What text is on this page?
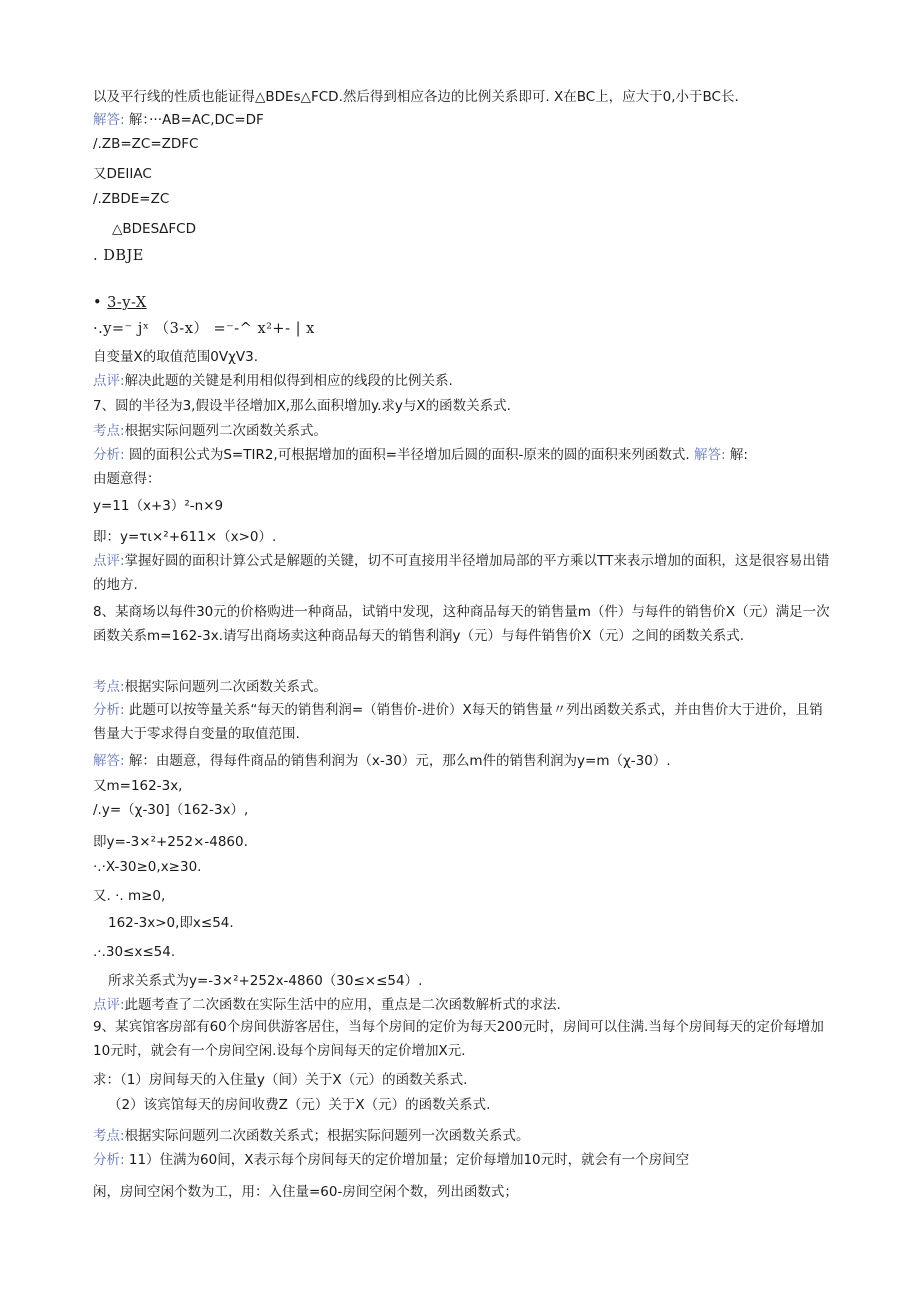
以及平行线的性质也能证得△BDEs△FCD.然后得到相应各边的比例关系即可. X在BC上，应大于0,小于BC长.
解答: 解：···AB=AC,DC=DF
/.ZB=ZC=ZDFC
又DEIIAC
/.ZBDE=ZC
△BDESΔFCD
. DBJE
• 3-y-X
·.y=⁻ jˣ （3-x） =⁻-^ x²+- | x
自变量X的取值范围0VχV3.
点评:解决此题的关键是利用相似得到相应的线段的比例关系.
7、圆的半径为3,假设半径增加X,那么面积增加y.求y与X的函数关系式.
考点:根据实际问题列二次函数关系式。
分析: 圆的面积公式为S=TIR2,可根据增加的面积=半径增加后圆的面积-原来的圆的面积来列函数式. 解答: 解:
由题意得：
y=11（x+3）²-n×9
即：y=τι×²+611×（x>0）.
点评:掌握好圆的面积计算公式是解题的关键，切不可直接用半径增加局部的平方乘以TT来表示增加的面积，这是很容易出错的地方.
8、某商场以每件30元的价格购进一种商品，试销中发现，这种商品每天的销售量m（件）与每件的销售价X（元）满足一次函数关系m=162-3x.请写出商场卖这种商品每天的销售利润y（元）与每件销售价X（元）之间的函数关系式.
考点:根据实际问题列二次函数关系式。
分析: 此题可以按等量关系“每天的销售利润=（销售价-进价）X每天的销售量〃列出函数关系式，并由售价大于进价，且销售量大于零求得自变量的取值范围.
解答: 解：由题意，得每件商品的销售利润为（x-30）元，那么m件的销售利润为y=m（χ-30）.
又m=162-3x,
/.y=（χ-30]（162-3x）,
即y=-3×²+252×-4860.
·.·X-30≥0,x≥30.
又. ·. m≥0,
162-3x>0,即x≤54.
.·.30≤x≤54.
所求关系式为y=-3×²+252x-4860（30≤×≤54）.
点评:此题考查了二次函数在实际生活中的应用，重点是二次函数解析式的求法.
9、某宾馆客房部有60个房间供游客居住，当每个房间的定价为每天200元时，房间可以住满.当每个房间每天的定价每增加10元时，就会有一个房间空闲.设每个房间每天的定价增加X元.
求：（1）房间每天的入住量y（间）关于X（元）的函数关系式.
（2）该宾馆每天的房间收费Z（元）关于X（元）的函数关系式.
考点:根据实际问题列二次函数关系式；根据实际问题列一次函数关系式。
分析: 11）住满为60间，X表示每个房间每天的定价增加量；定价每增加10元时，就会有一个房间空
闲，房间空闲个数为工，用：入住量=60-房间空闲个数，列出函数式；
